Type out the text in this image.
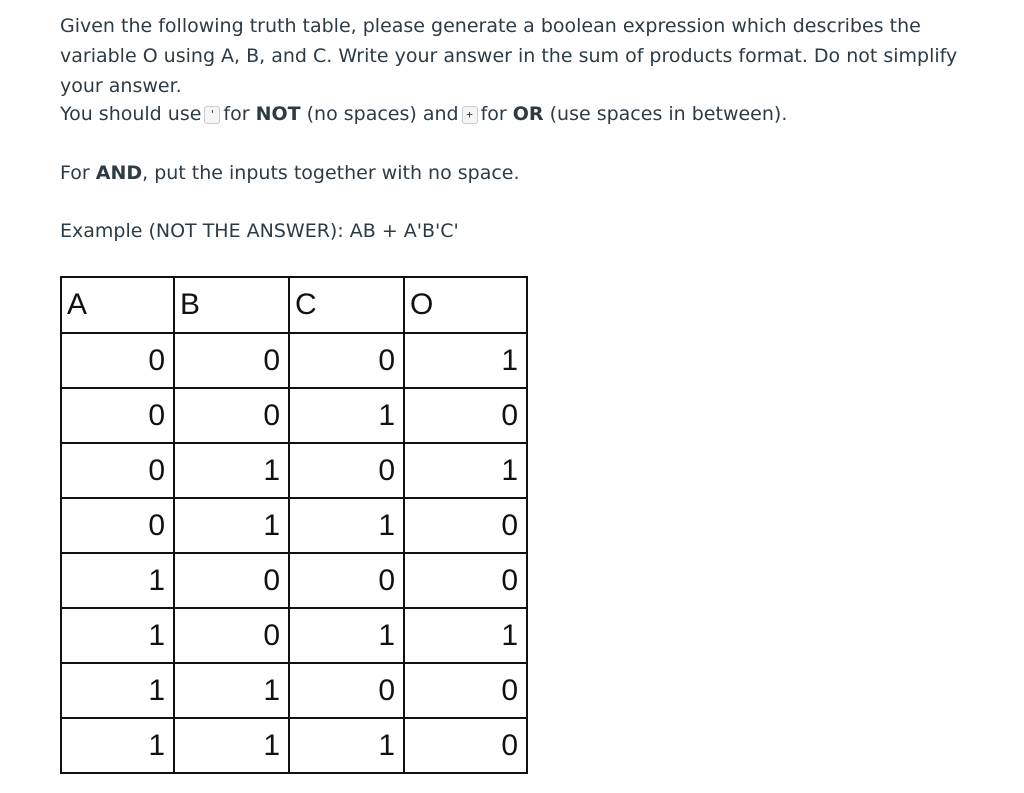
Given the following truth table, please generate a boolean expression which describes the variable O using A, B, and C. Write your answer in the sum of products format. Do not simplify your answer.

You should use ' for NOT (no spaces) and + for OR (use spaces in between).

For AND, put the inputs together with no space.

Example (NOT THE ANSWER): AB + A'B'C'

A	B	C	O
0	0	0	1
0	0	1	0
0	1	0	1
0	1	1	0
1	0	0	0
1	0	1	1
1	1	0	0
1	1	1	0
